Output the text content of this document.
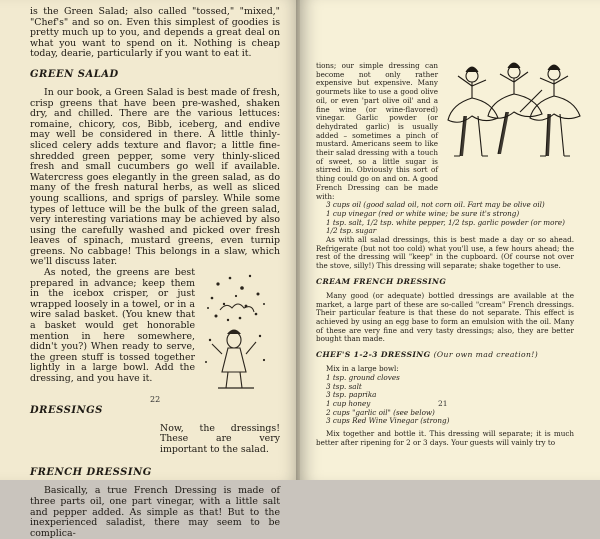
is the Green Salad; also called "tossed," "mixed," "Chef's" and so on. Even this simplest of goodies is pretty much up to you, and depends a great deal on what you want to spend on it. Nothing is cheap today, dearie, particularly if you want to eat it.

GREEN SALAD

In our book, a Green Salad is best made of fresh, crisp greens that have been pre-washed, shaken dry, and chilled. There are the various lettuces: romaine, chicory, cos, Bibb, iceberg, and endive may well be considered in there. A little thinly-sliced celery adds texture and flavor; a little fine-shredded green pepper, some very thinly-sliced fresh and small cucumbers go well if available. Watercress goes elegantly in the green salad, as do many of the fresh natural herbs, as well as sliced young scallions, and sprigs of parsley. While some types of lettuce will be the bulk of the green salad, very interesting variations may be achieved by also using the carefully washed and picked over fresh leaves of spinach, mustard greens, even turnip greens. No cabbage! This belongs in a slaw, which we'll discuss later.

As noted, the greens are best prepared in advance; keep them in the icebox crisper, or just wrapped loosely in a towel, or in a wire salad basket. (You knew that a basket would get honorable mention in here somewhere, didn't you?) When ready to serve, the green stuff is tossed together lightly in a large bowl. Add the dressing, and you have it.

DRESSINGS

Now, the dressings! These are very important to the salad.

FRENCH DRESSING

Basically, a true French Dressing is made of three parts oil, one part vinegar, with a little salt and pepper added. As simple as that! But to the inexperienced saladist, there may seem to be complica-

22

tions; our simple dressing can become not only rather expensive but expensive. Many gourmets like to use a good olive oil, or even 'part olive oil' and a fine wine (or wine-flavored) vinegar. Garlic powder (or dehydrated garlic) is usually added – sometimes a pinch of mustard. Americans seem to like their salad dressing with a touch of sweet, so a little sugar is stirred in. Obviously this sort of thing could go on and on. A good French Dressing can be made with:

3 cups oil (good salad oil, not corn oil. Fart may be olive oil)
1 cup vinegar (red or white wine; be sure it's strong)
1 tsp. salt, 1/2 tsp. white pepper, 1/2 tsp. garlic powder (or more)
1/2 tsp. sugar

As with all salad dressings, this is best made a day or so ahead. Refrigerate (but not too cold) what you'll use, a few hours ahead; the rest of the dressing will "keep" in the cupboard. (Of course not over the stove, silly!) This dressing will separate; shake together to use.

CREAM FRENCH DRESSING

Many good (or adequate) bottled dressings are available at the market, a large part of these are so-called "cream" French dressings. Their particular feature is that these do not separate. This effect is achieved by using an egg base to form an emulsion with the oil. Many of these are very fine and very tasty dressings; also, they are better bought than made.

CHEF'S 1-2-3 DRESSING (Our own mad creation!)

Mix in a large bowl:

1 tsp. ground cloves
3 tsp. salt
3 tsp. paprika
1 cup honey
2 cups "garlic oil" (see below)
3 cups Red Wine Vinegar (strong)

Mix together and bottle it. This dressing will separate; it is much better after ripening for 2 or 3 days. Your guests will vainly try to

21
